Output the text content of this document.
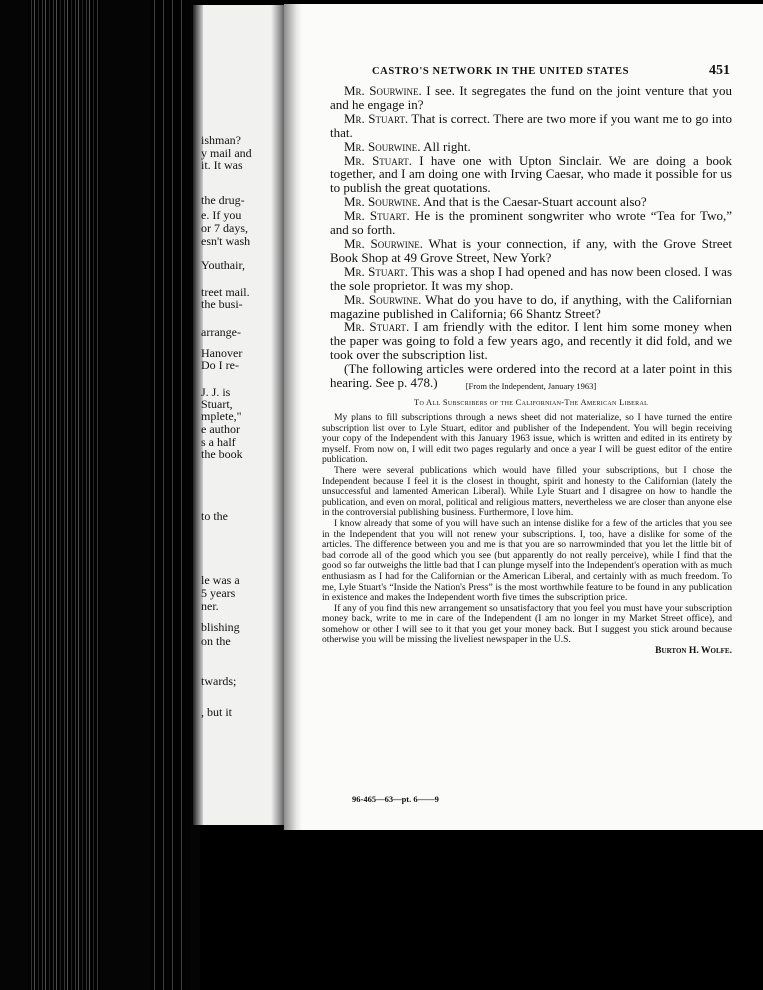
ishman?
y mail and
it. It was
the drug-
e. If you
or 7 days,
esn't wash
Youthair,
treet mail.
the busi-
arrange-
Hanover
Do I re-
J. J. is
Stuart,
mplete,"
e author
s a half
the book
to the
le was a
5 years
ner.
blishing
on the
twards;
, but it
CASTRO'S NETWORK IN THE UNITED STATES	451

Mr. Sourwine. I see. It segregates the fund on the joint venture that you and he engage in?

Mr. Stuart. That is correct. There are two more if you want me to go into that.

Mr. Sourwine. All right.

Mr. Stuart. I have one with Upton Sinclair. We are doing a book together, and I am doing one with Irving Caesar, who made it possible for us to publish the great quotations.

Mr. Sourwine. And that is the Caesar-Stuart account also?

Mr. Stuart. He is the prominent songwriter who wrote “Tea for Two,” and so forth.

Mr. Sourwine. What is your connection, if any, with the Grove Street Book Shop at 49 Grove Street, New York?

Mr. Stuart. This was a shop I had opened and has now been closed. I was the sole proprietor. It was my shop.

Mr. Sourwine. What do you have to do, if anything, with the Californian magazine published in California; 66 Shantz Street?

Mr. Stuart. I am friendly with the editor. I lent him some money when the paper was going to fold a few years ago, and recently it did fold, and we took over the subscription list.

(The following articles were ordered into the record at a later point in this hearing. See p. 478.)	[From the Independent, January 1963]
To All Subscribers of the Californian-The American Liberal

My plans to fill subscriptions through a news sheet did not materialize, so I have turned the entire subscription list over to Lyle Stuart, editor and publisher of the Independent. You will begin receiving your copy of the Independent with this January 1963 issue, which is written and edited in its entirety by myself. From now on, I will edit two pages regularly and once a year I will be guest editor of the entire publication.

There were several publications which would have filled your subscriptions, but I chose the Independent because I feel it is the closest in thought, spirit and honesty to the Californian (lately the unsuccessful and lamented American Liberal). While Lyle Stuart and I disagree on how to handle the publication, and even on moral, political and religious matters, nevertheless we are closer than anyone else in the controversial publishing business. Furthermore, I love him.

I know already that some of you will have such an intense dislike for a few of the articles that you see in the Independent that you will not renew your subscriptions. I, too, have a dislike for some of the articles. The difference between you and me is that you are so narrowminded that you let the little bit of bad corrode all of the good which you see (but apparently do not really perceive), while I find that the good so far outweighs the little bad that I can plunge myself into the Independent's operation with as much enthusiasm as I had for the Californian or the American Liberal, and certainly with as much freedom. To me, Lyle Stuart's “Inside the Nation's Press” is the most worthwhile feature to be found in any publication in existence and makes the Independent worth five times the subscription price.

If any of you find this new arrangement so unsatisfactory that you feel you must have your subscription money back, write to me in care of the Independent (I am no longer in my Market Street office), and somehow or other I will see to it that you get your money back. But I suggest you stick around because otherwise you will be missing the liveliest newspaper in the U.S.

Burton H. Wolfe.

96-465—63—pt. 6——9
